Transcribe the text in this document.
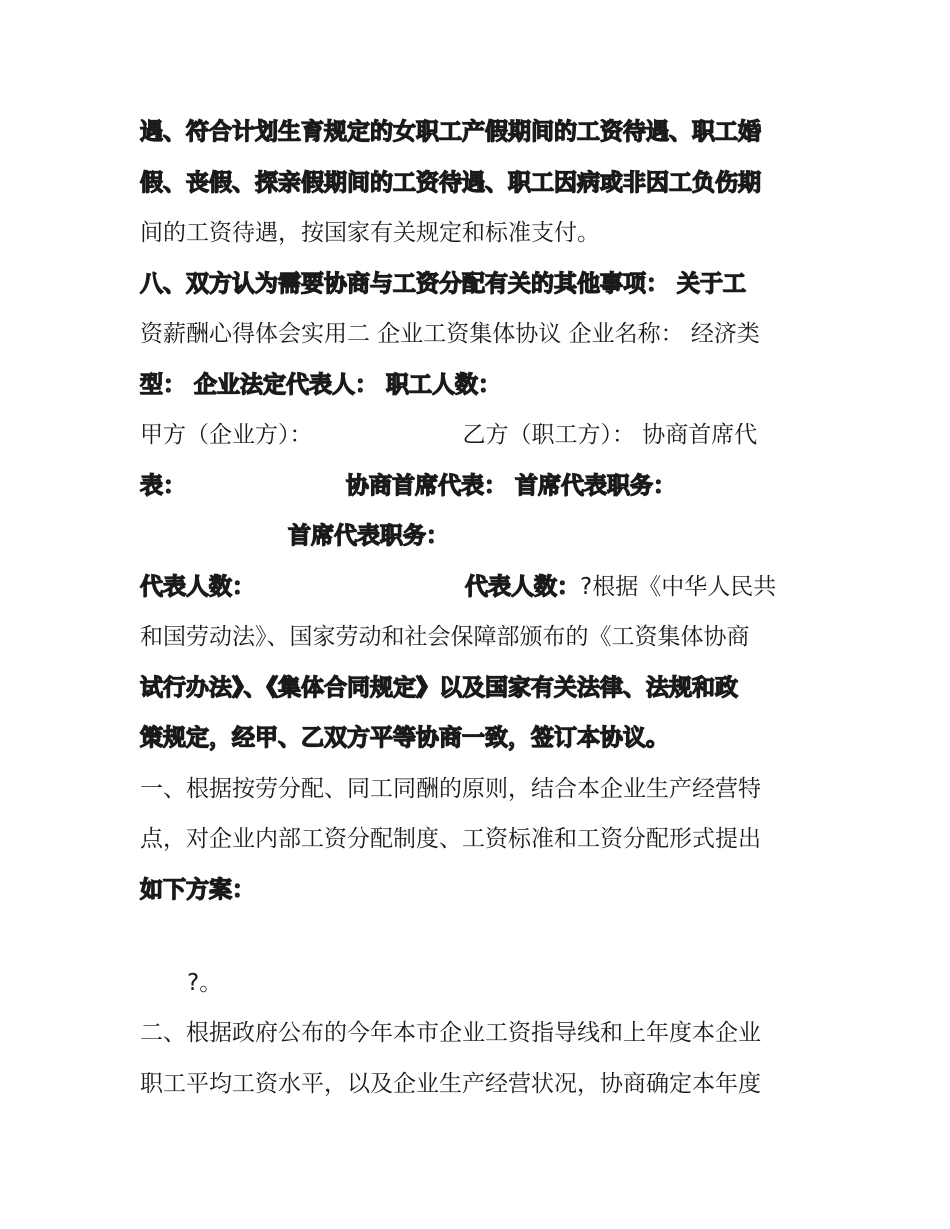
遇、符合计划生育规定的女职工产假期间的工资待遇、职工婚
假、丧假、探亲假期间的工资待遇、职工因病或非因工负伤期
间的工资待遇，按国家有关规定和标准支付。
八、双方认为需要协商与工资分配有关的其他事项： 关于工
资薪酬心得体会实用二 企业工资集体协议 企业名称： 经济类
型： 企业法定代表人： 职工人数：
甲方（企业方）：	乙方（职工方）： 协商首席代
表：	协商首席代表： 首席代表职务：
首席代表职务：
代表人数：	代表人数：?根据《中华人民共
和国劳动法》、国家劳动和社会保障部颁布的《工资集体协商
试行办法》、《集体合同规定》以及国家有关法律、法规和政
策规定，经甲、乙双方平等协商一致，签订本协议。
一、根据按劳分配、同工同酬的原则，结合本企业生产经营特
点，对企业内部工资分配制度、工资标准和工资分配形式提出
如下方案：
?。
二、根据政府公布的今年本市企业工资指导线和上年度本企业
职工平均工资水平，以及企业生产经营状况，协商确定本年度
